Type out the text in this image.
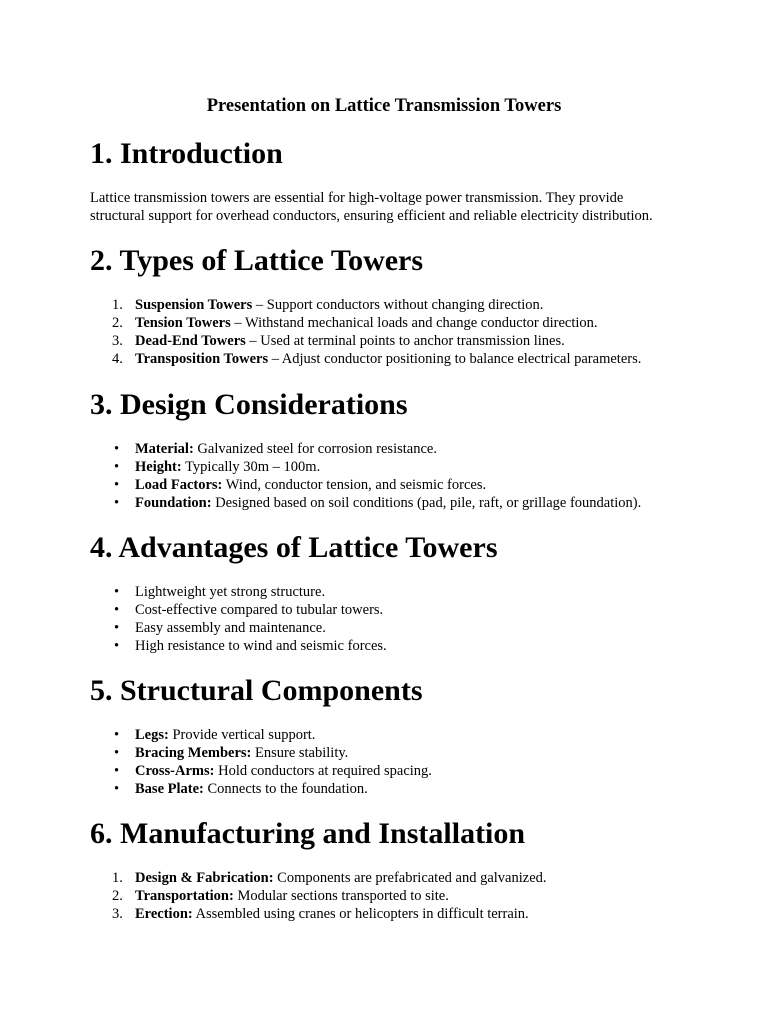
Presentation on Lattice Transmission Towers
1. Introduction
Lattice transmission towers are essential for high-voltage power transmission. They provide
structural support for overhead conductors, ensuring efficient and reliable electricity distribution.
2. Types of Lattice Towers
1. Suspension Towers – Support conductors without changing direction.
2. Tension Towers – Withstand mechanical loads and change conductor direction.
3. Dead-End Towers – Used at terminal points to anchor transmission lines.
4. Transposition Towers – Adjust conductor positioning to balance electrical parameters.
3. Design Considerations
•	Material: Galvanized steel for corrosion resistance.
•	Height: Typically 30m – 100m.
•	Load Factors: Wind, conductor tension, and seismic forces.
•	Foundation: Designed based on soil conditions (pad, pile, raft, or grillage foundation).
4. Advantages of Lattice Towers
•	Lightweight yet strong structure.
•	Cost-effective compared to tubular towers.
•	Easy assembly and maintenance.
•	High resistance to wind and seismic forces.
5. Structural Components
•	Legs: Provide vertical support.
•	Bracing Members: Ensure stability.
•	Cross-Arms: Hold conductors at required spacing.
•	Base Plate: Connects to the foundation.
6. Manufacturing and Installation
1. Design & Fabrication: Components are prefabricated and galvanized.
2. Transportation: Modular sections transported to site.
3. Erection: Assembled using cranes or helicopters in difficult terrain.
